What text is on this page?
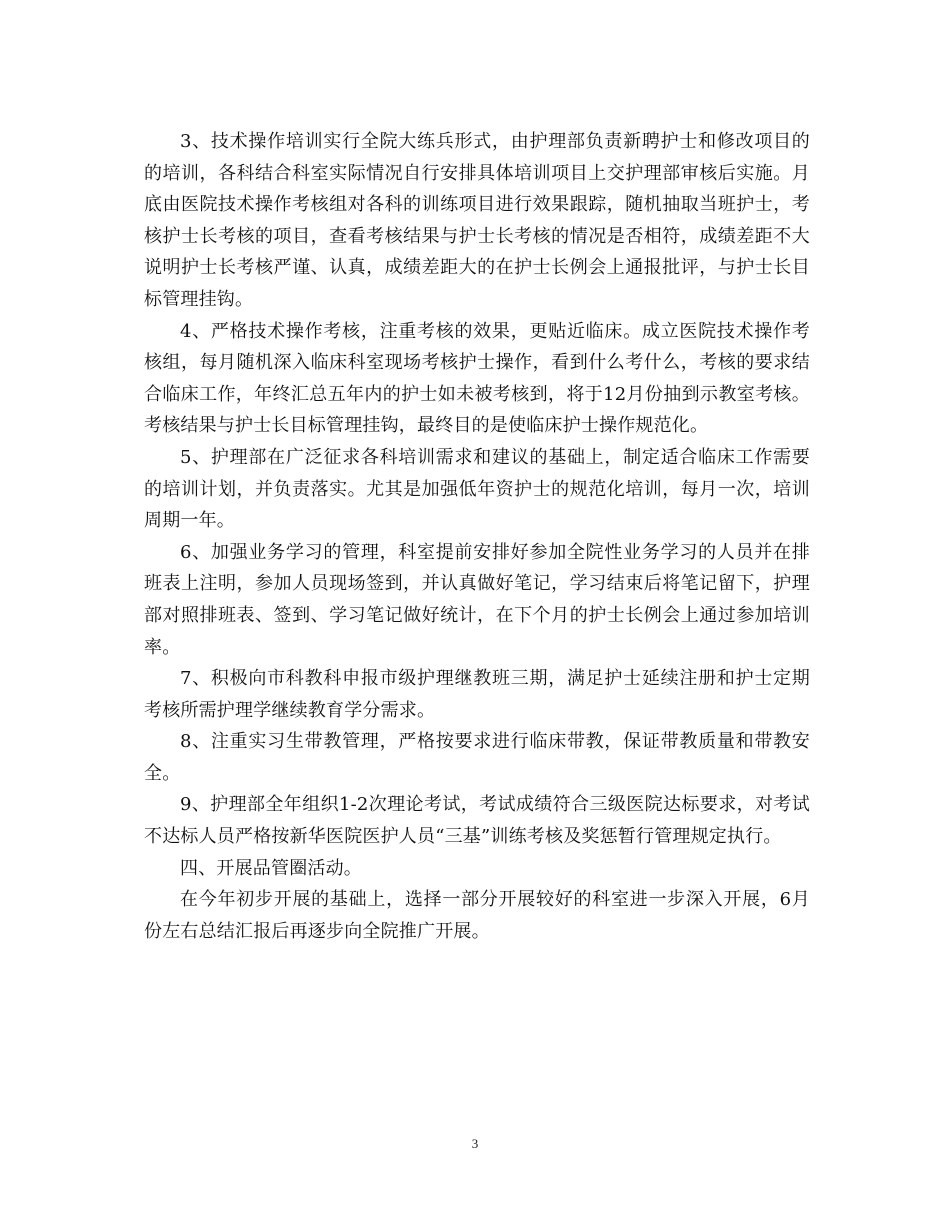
3、技术操作培训实行全院大练兵形式，由护理部负责新聘护士和修改项目的的培训，各科结合科室实际情况自行安排具体培训项目上交护理部审核后实施。月底由医院技术操作考核组对各科的训练项目进行效果跟踪，随机抽取当班护士，考核护士长考核的项目，查看考核结果与护士长考核的情况是否相符，成绩差距不大说明护士长考核严谨、认真，成绩差距大的在护士长例会上通报批评，与护士长目标管理挂钩。

4、严格技术操作考核，注重考核的效果，更贴近临床。成立医院技术操作考核组，每月随机深入临床科室现场考核护士操作，看到什么考什么，考核的要求结合临床工作，年终汇总五年内的护士如未被考核到，将于12月份抽到示教室考核。考核结果与护士长目标管理挂钩，最终目的是使临床护士操作规范化。

5、护理部在广泛征求各科培训需求和建议的基础上，制定适合临床工作需要的培训计划，并负责落实。尤其是加强低年资护士的规范化培训，每月一次，培训周期一年。

6、加强业务学习的管理，科室提前安排好参加全院性业务学习的人员并在排班表上注明，参加人员现场签到，并认真做好笔记，学习结束后将笔记留下，护理部对照排班表、签到、学习笔记做好统计，在下个月的护士长例会上通过参加培训率。

7、积极向市科教科申报市级护理继教班三期，满足护士延续注册和护士定期考核所需护理学继续教育学分需求。

8、注重实习生带教管理，严格按要求进行临床带教，保证带教质量和带教安全。

9、护理部全年组织1-2次理论考试，考试成绩符合三级医院达标要求，对考试不达标人员严格按新华医院医护人员“三基”训练考核及奖惩暂行管理规定执行。

四、开展品管圈活动。

在今年初步开展的基础上，选择一部分开展较好的科室进一步深入开展，6月份左右总结汇报后再逐步向全院推广开展。

3
